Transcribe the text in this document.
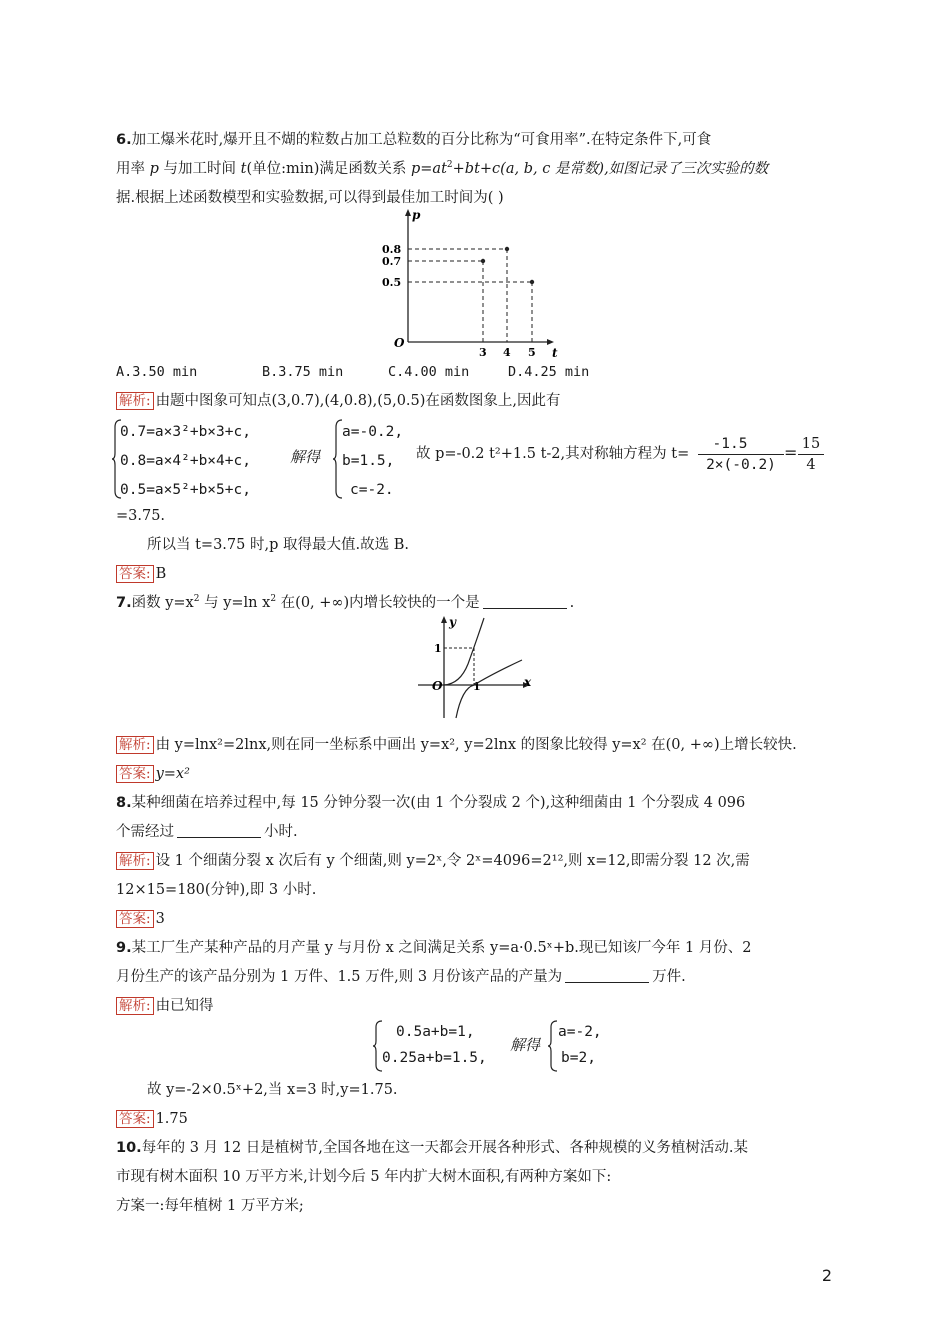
6.加工爆米花时,爆开且不煳的粒数占加工总粒数的百分比称为“可食用率”.在特定条件下,可食
用率 p 与加工时间 t(单位:min)满足函数关系 $p=at^2+bt+c(a$, b, c 是常数),如图记录了三次实验的数
据.根据上述函数模型和实验数据,可以得到最佳加工时间为( )
p
t
O
0.8
0.7
0.5
3 4 5
A.3.50 min	B.3.75 min	C.4.00 min	D.4.25 min
解析: 由题中图象可知点(3,0.7),(4,0.8),(5,0.5)在函数图象上,因此有
0.7=a×3²+b×3+c,
0.8=a×4²+b×4+c,
0.5=a×5²+b×5+c,
解得
a=-0.2,
b=1.5,
c=-2.
故 p=-0.2 t²+1.5 t-2,其对称轴方程为 t=
-1.5
2×(-0.2)
= 15
4
=3.75.
所以当 t=3.75 时,p 取得最大值.故选 B.
答案: B
7.函数 $y=x^2$ 与 y=ln $x^2$ 在(0, +∞)内增长较快的一个是	.
y
x
O
1
1
解析: 由 y=lnx²=2lnx,则在同一坐标系中画出 y=x², y=2lnx 的图象比较得 y=x² 在(0, +∞)上增长较快.
答案: y=x²
8.某种细菌在培养过程中,每 15 分钟分裂一次(由 1 个分裂成 2 个),这种细菌由 1 个分裂成 4 096
个需经过	小时.
解析: 设 1 个细菌分裂 x 次后有 y 个细菌,则 y=2ˣ,令 2ˣ=4096=2¹²,则 x=12,即需分裂 12 次,需
12×15=180(分钟),即 3 小时.
答案: 3
9.某工厂生产某种产品的月产量 y 与月份 x 之间满足关系 y=a·0.5ˣ+b.现已知该厂今年 1 月份、2
月份生产的该产品分别为 1 万件、1.5 万件,则 3 月份该产品的产量为	万件.
解析: 由已知得
0.5a+b=1,
0.25a+b=1.5,
解得
a=-2,
b=2,
故 y=-2×0.5ˣ+2,当 x=3 时,y=1.75.
答案: 1.75
10.每年的 3 月 12 日是植树节,全国各地在这一天都会开展各种形式、各种规模的义务植树活动.某
市现有树木面积 10 万平方米,计划今后 5 年内扩大树木面积,有两种方案如下:
方案一:每年植树 1 万平方米;
2
